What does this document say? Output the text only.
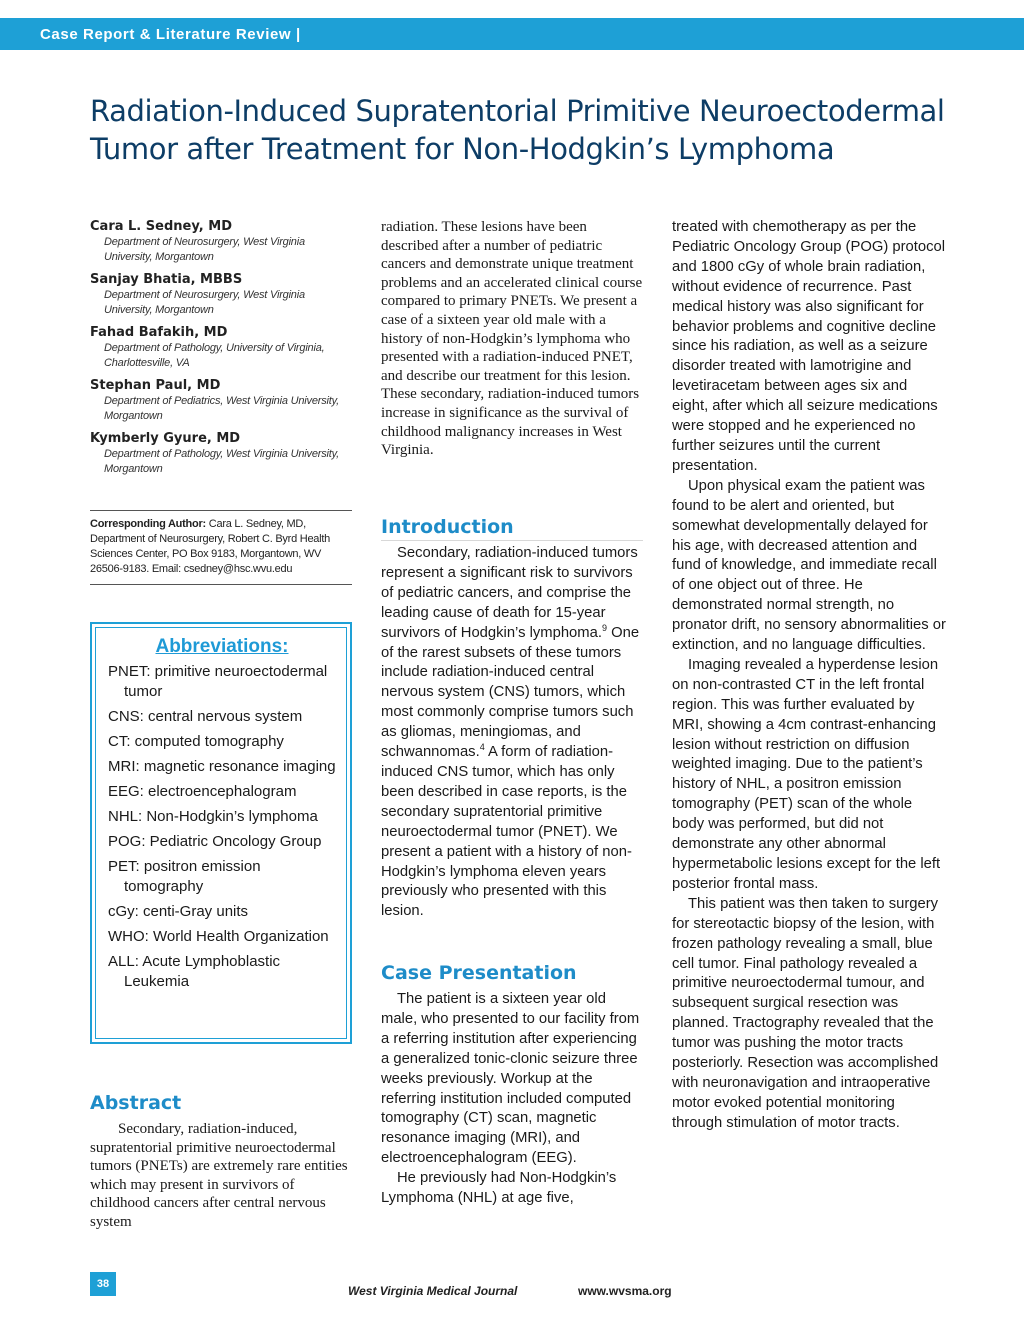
Case Report & Literature Review |
Radiation-Induced Supratentorial Primitive Neuroectodermal
Tumor after Treatment for Non-Hodgkin’s Lymphoma
Cara L. Sedney, MD
Department of Neurosurgery, West Virginia University, Morgantown
Sanjay Bhatia, MBBS
Department of Neurosurgery, West Virginia University, Morgantown
Fahad Bafakih, MD
Department of Pathology, University of Virginia, Charlottesville, VA
Stephan Paul, MD
Department of Pediatrics, West Virginia University, Morgantown
Kymberly Gyure, MD
Department of Pathology, West Virginia University, Morgantown
Corresponding Author: Cara L. Sedney, MD, Department of Neurosurgery, Robert C. Byrd Health Sciences Center, PO Box 9183, Morgantown, WV 26506-9183. Email: csedney@hsc.wvu.edu
Abbreviations:
PNET: primitive neuroectodermal tumor
CNS: central nervous system
CT: computed tomography
MRI: magnetic resonance imaging
EEG: electroencephalogram
NHL: Non-Hodgkin’s lymphoma
POG: Pediatric Oncology Group
PET: positron emission tomography
cGy: centi-Gray units
WHO: World Health Organization
ALL: Acute Lymphoblastic Leukemia
Abstract
Secondary, radiation-induced, supratentorial primitive neuroectodermal tumors (PNETs) are extremely rare entities which may present in survivors of childhood cancers after central nervous system
radiation. These lesions have been described after a number of pediatric cancers and demonstrate unique treatment problems and an accelerated clinical course compared to primary PNETs. We present a case of a sixteen year old male with a history of non-Hodgkin’s lymphoma who presented with a radiation-induced PNET, and describe our treatment for this lesion. These secondary, radiation-induced tumors increase in significance as the survival of childhood malignancy increases in West Virginia.
Introduction

Secondary, radiation-induced tumors represent a significant risk to survivors of pediatric cancers, and comprise the leading cause of death for 15-year survivors of Hodgkin’s lymphoma.$^9$ One of the rarest subsets of these tumors include radiation-induced central nervous system (CNS) tumors, which most commonly comprise tumors such as gliomas, meningiomas, and schwannomas.$^4$ A form of radiation-induced CNS tumor, which has only been described in case reports, is the secondary supratentorial primitive neuroectodermal tumor (PNET). We present a patient with a history of non-Hodgkin’s lymphoma eleven years previously who presented with this lesion.

Case Presentation

The patient is a sixteen year old male, who presented to our facility from a referring institution after experiencing a generalized tonic-clonic seizure three weeks previously. Workup at the referring institution included computed tomography (CT) scan, magnetic resonance imaging (MRI), and electroencephalogram (EEG).

He previously had Non-Hodgkin’s Lymphoma (NHL) at age five,

treated with chemotherapy as per the Pediatric Oncology Group (POG) protocol and 1800 cGy of whole brain radiation, without evidence of recurrence. Past medical history was also significant for behavior problems and cognitive decline since his radiation, as well as a seizure disorder treated with lamotrigine and levetiracetam between ages six and eight, after which all seizure medications were stopped and he experienced no further seizures until the current presentation.

Upon physical exam the patient was found to be alert and oriented, but somewhat developmentally delayed for his age, with decreased attention and fund of knowledge, and immediate recall of one object out of three. He demonstrated normal strength, no pronator drift, no sensory abnormalities or extinction, and no language difficulties.

Imaging revealed a hyperdense lesion on non-contrasted CT in the left frontal region. This was further evaluated by MRI, showing a 4cm contrast-enhancing lesion without restriction on diffusion weighted imaging. Due to the patient’s history of NHL, a positron emission tomography (PET) scan of the whole body was performed, but did not demonstrate any other abnormal hypermetabolic lesions except for the left posterior frontal mass.

This patient was then taken to surgery for stereotactic biopsy of the lesion, with frozen pathology revealing a small, blue cell tumor. Final pathology revealed a primitive neuroectodermal tumour, and subsequent surgical resection was planned. Tractography revealed that the tumor was pushing the motor tracts posteriorly. Resection was accomplished with neuronavigation and intraoperative motor evoked potential monitoring through stimulation of motor tracts.

38	West Virginia Medical Journal	www.wvsma.org
